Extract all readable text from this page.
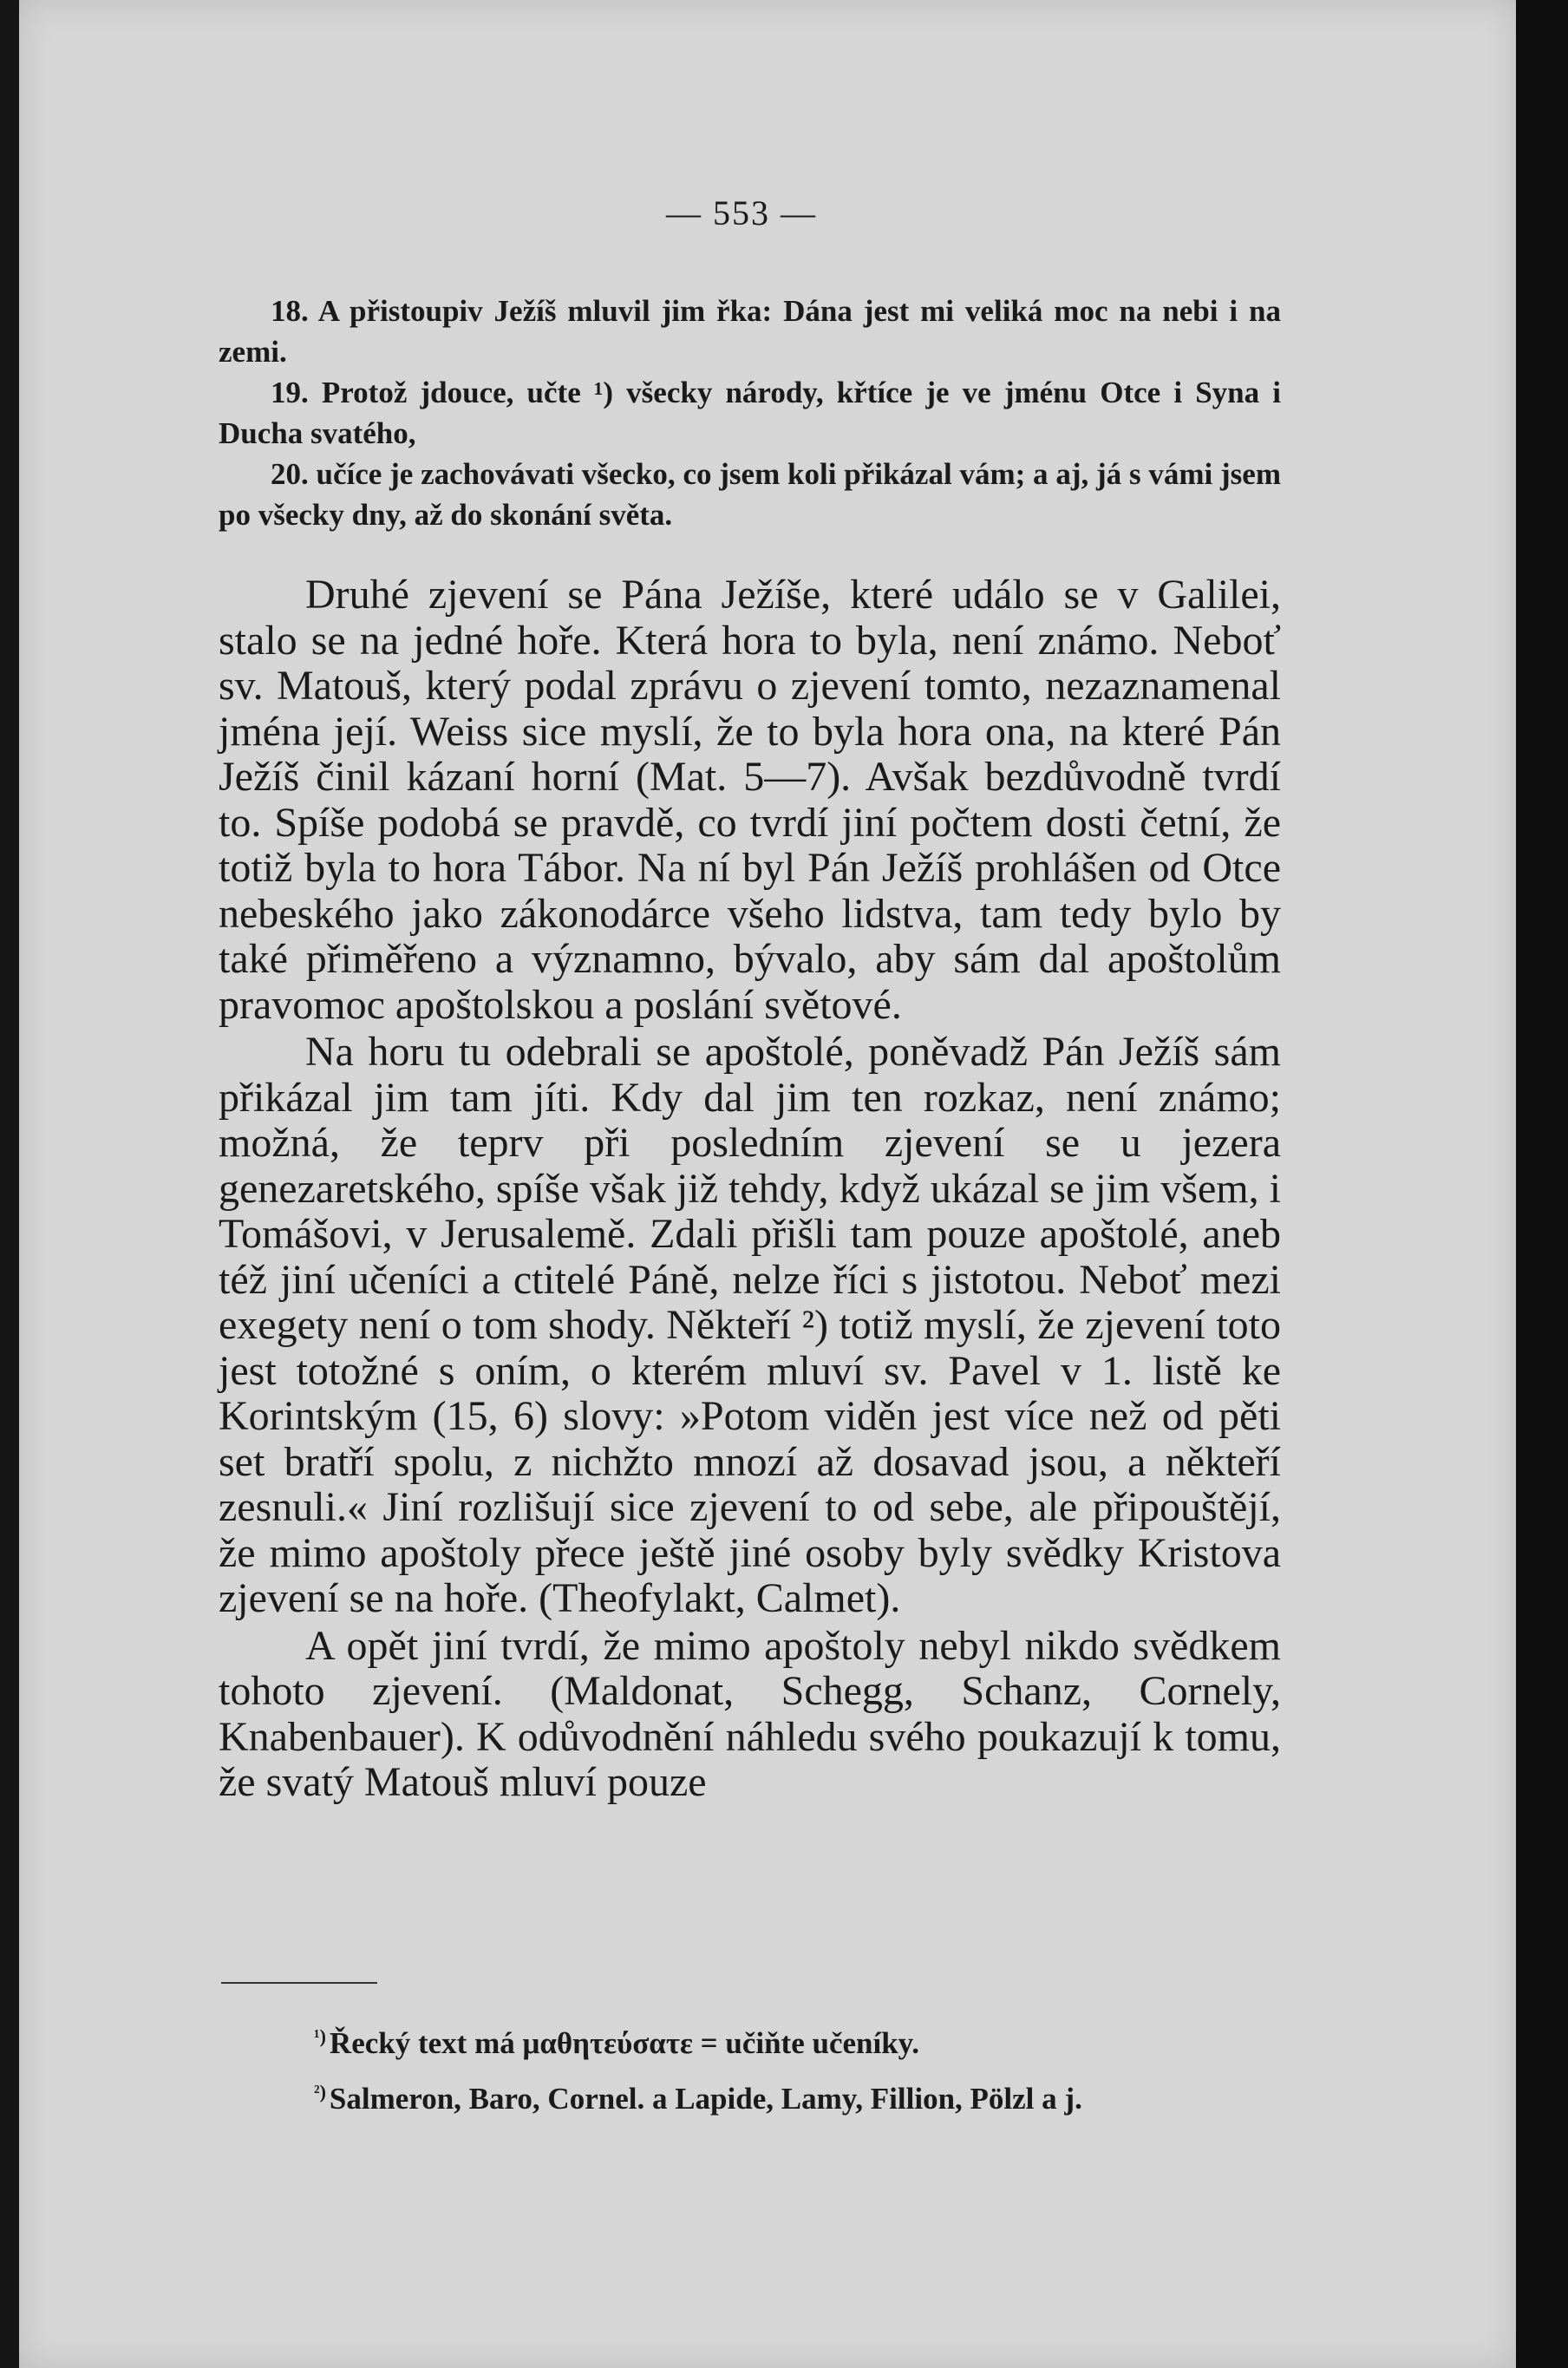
— 553 —

18. A přistoupiv Ježíš mluvil jim řka: Dána jest mi veliká moc na nebi i na zemi.

19. Protož jdouce, učte ¹) všecky národy, křtíce je ve jménu Otce i Syna i Ducha svatého,

20. učíce je zachovávati všecko, co jsem koli přikázal vám; a aj, já s vámi jsem po všecky dny, až do skonání světa.

Druhé zjevení se Pána Ježíše, které událo se v Galilei, stalo se na jedné hoře. Která hora to byla, není známo. Neboť sv. Matouš, který podal zprávu o zjevení tomto, nezaznamenal jména její. Weiss sice myslí, že to byla hora ona, na které Pán Ježíš činil kázaní horní (Mat. 5—7). Avšak bezdůvodně tvrdí to. Spíše podobá se pravdě, co tvrdí jiní počtem dosti četní, že totiž byla to hora Tábor. Na ní byl Pán Ježíš prohlášen od Otce nebeského jako zákonodárce všeho lidstva, tam tedy bylo by také přiměřeno a významno, bývalo, aby sám dal apoštolům pravomoc apoštolskou a poslání světové.

Na horu tu odebrali se apoštolé, poněvadž Pán Ježíš sám přikázal jim tam jíti. Kdy dal jim ten rozkaz, není známo; možná, že teprv při posledním zjevení se u jezera genezaretského, spíše však již tehdy, když ukázal se jim všem, i Tomášovi, v Jerusalemě. Zdali přišli tam pouze apoštolé, aneb též jiní učeníci a ctitelé Páně, nelze říci s jistotou. Neboť mezi exegety není o tom shody. Někteří ²) totiž myslí, že zjevení toto jest totožné s oním, o kterém mluví sv. Pavel v 1. listě ke Korintským (15, 6) slovy: »Potom viděn jest více než od pěti set bratří spolu, z nichžto mnozí až dosavad jsou, a někteří zesnuli.« Jiní rozlišují sice zjevení to od sebe, ale připouštějí, že mimo apoštoly přece ještě jiné osoby byly svědky Kristova zjevení se na hoře. (Theofylakt, Calmet).

A opět jiní tvrdí, že mimo apoštoly nebyl nikdo svědkem tohoto zjevení. (Maldonat, Schegg, Schanz, Cornely, Knabenbauer). K odůvodnění náhledu svého poukazují k tomu, že svatý Matouš mluví pouze

$^{^1)}$ Řecký text má μαθητεύσατε = učiňte učeníky.

$^{^2)}$ Salmeron, Baro, Cornel. a Lapide, Lamy, Fillion, Pölzl a j.
